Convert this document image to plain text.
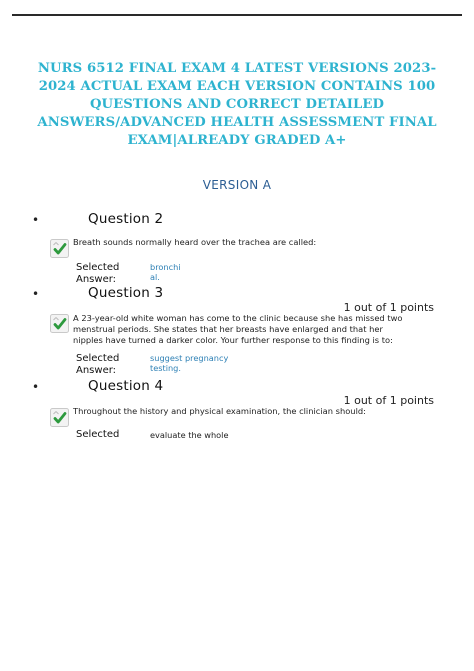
NURS 6512 FINAL EXAM 4 LATEST VERSIONS 2023-2024 ACTUAL EXAM EACH VERSION CONTAINS 100 QUESTIONS AND CORRECT DETAILED ANSWERS/ADVANCED HEALTH ASSESSMENT FINAL EXAM|ALREADY GRADED A+
VERSION A
•	Question 2
Breath sounds normally heard over the trachea are called:
Selected Answer:
bronchi al.
•	Question 3
1 out of 1 points
A 23-year-old white woman has come to the clinic because she has missed two menstrual periods. She states that her breasts have enlarged and that her nipples have turned a darker color. Your further response to this finding is to:
Selected Answer:
suggest pregnancy testing.
•	Question 4
1 out of 1 points
Throughout the history and physical examination, the clinician should:
Selected	evaluate the whole
